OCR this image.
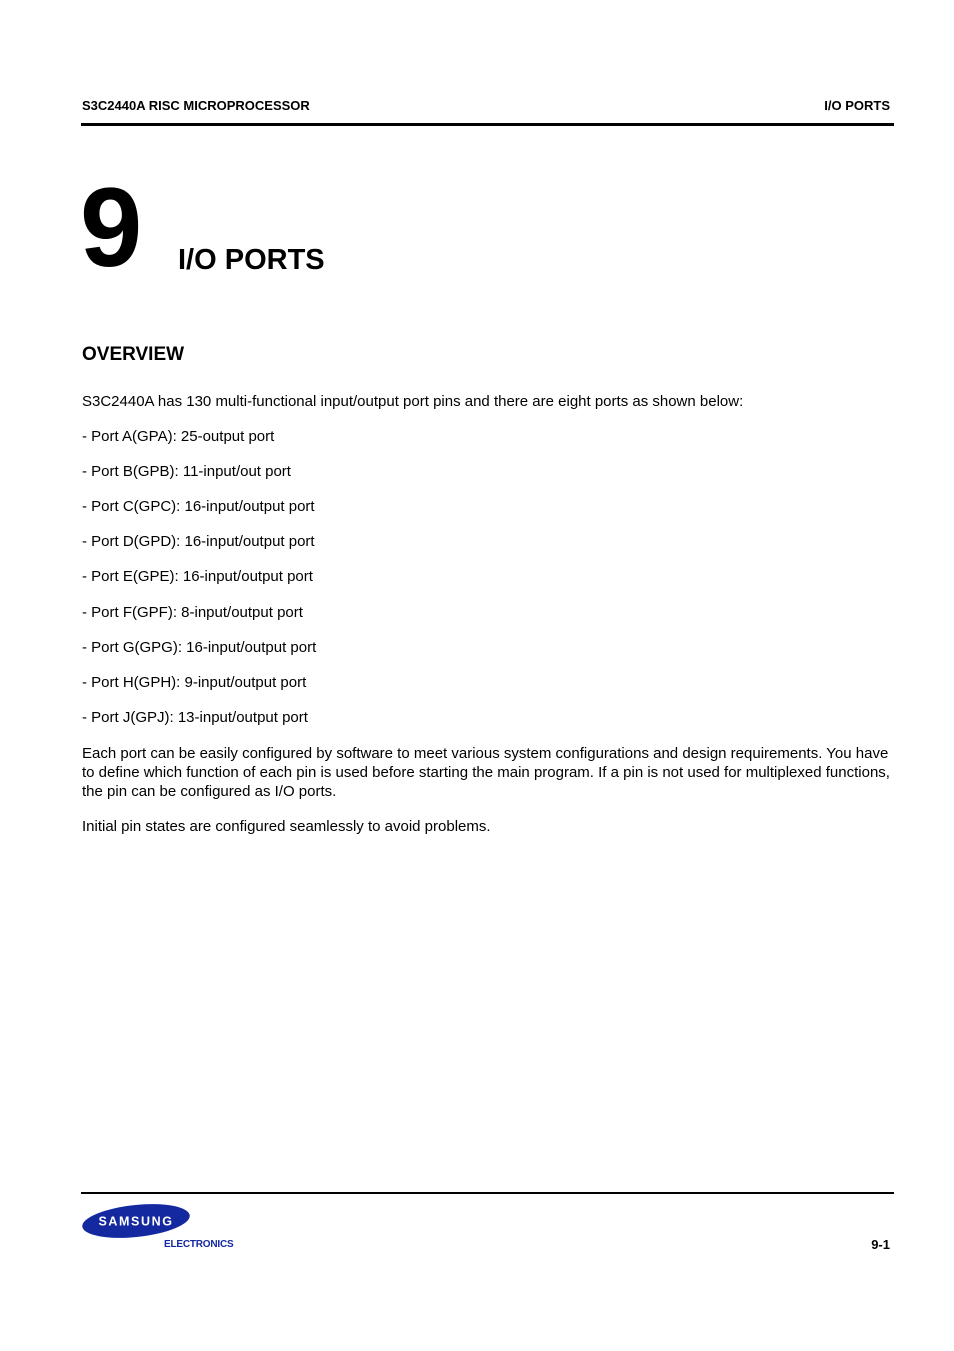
S3C2440A RISC MICROPROCESSOR	I/O PORTS
9 I/O PORTS
OVERVIEW
S3C2440A has 130 multi-functional input/output port pins and there are eight ports as shown below:
- Port A(GPA): 25-output port
- Port B(GPB): 11-input/out port
- Port C(GPC): 16-input/output port
- Port D(GPD): 16-input/output port
- Port E(GPE): 16-input/output port
- Port F(GPF): 8-input/output port
- Port G(GPG): 16-input/output port
- Port H(GPH): 9-input/output port
- Port J(GPJ): 13-input/output port
Each port can be easily configured by software to meet various system configurations and design requirements. You have to define which function of each pin is used before starting the main program. If a pin is not used for multiplexed functions, the pin can be configured as I/O ports.
Initial pin states are configured seamlessly to avoid problems.
SAMSUNG
ELECTRONICS	9-1
